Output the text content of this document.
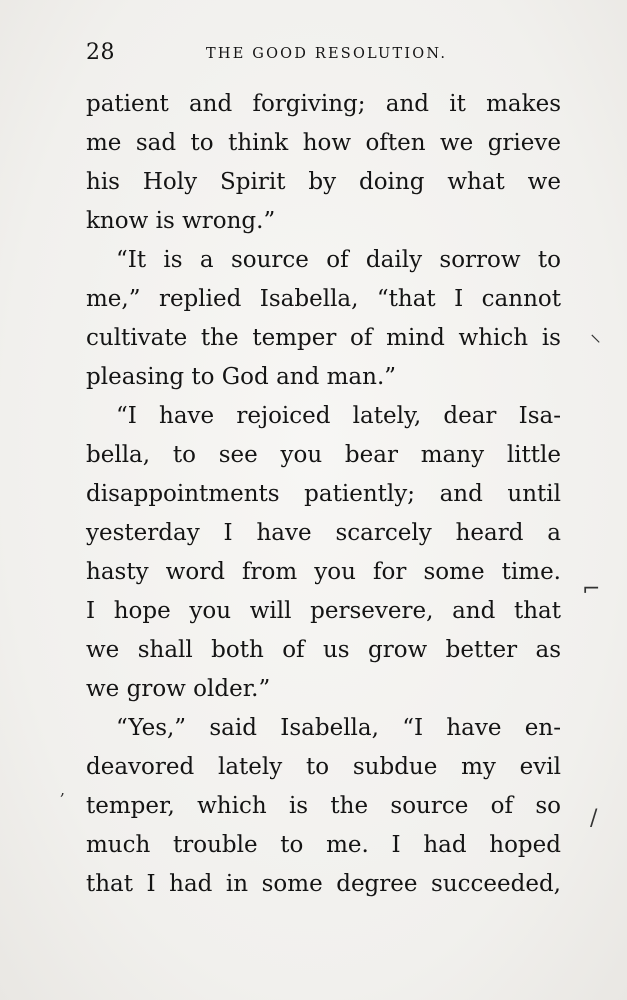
28	THE GOOD RESOLUTION.
patient and forgiving; and it makes
me sad to think how often we grieve
his Holy Spirit by doing what we
know is wrong.”
“It is a source of daily sorrow to
me,” replied Isabella, “that I cannot
cultivate the temper of mind which is
pleasing to God and man.”
“I have rejoiced lately, dear Isa-
bella, to see you bear many little
disappointments patiently; and until
yesterday I have scarcely heard a
hasty word from you for some time.
I hope you will persevere, and that
we shall both of us grow better as
we grow older.”
“Yes,” said Isabella, “I have en-
deavored lately to subdue my evil
temper, which is the source of so
much trouble to me. I had hoped
that I had in some degree succeeded,
⸜
⌐
,
/
